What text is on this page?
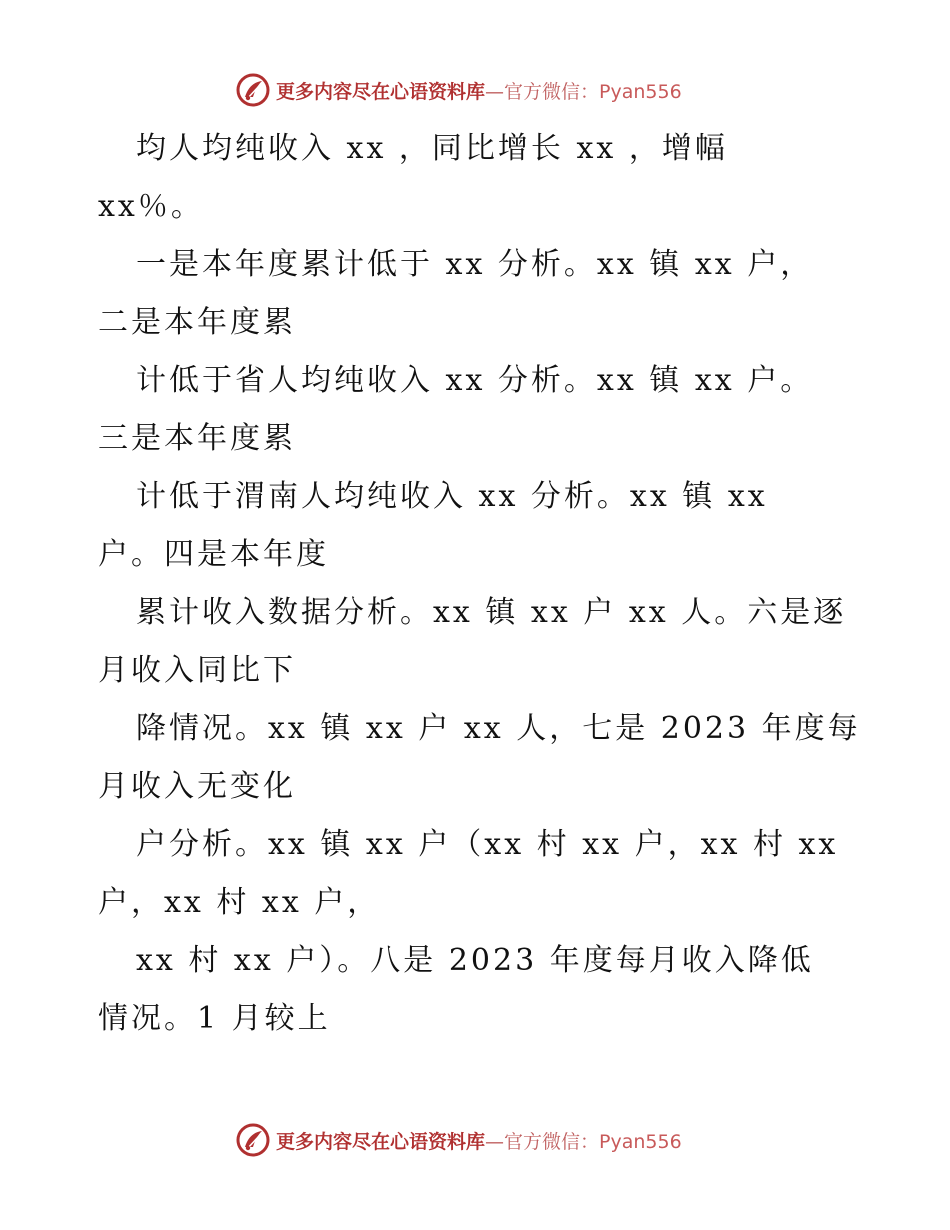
更多内容尽在心语资料库—官方微信：Pyan556
均人均纯收入 xx ，同比增长 xx ，增幅
xx％。
一是本年度累计低于 xx 分析。xx 镇 xx 户，
二是本年度累
计低于省人均纯收入 xx 分析。xx 镇 xx 户。
三是本年度累
计低于渭南人均纯收入 xx 分析。xx 镇 xx
户。四是本年度
累计收入数据分析。xx 镇 xx 户 xx 人。六是逐
月收入同比下
降情况。xx 镇 xx 户 xx 人，七是 2023 年度每
月收入无变化
户分析。xx 镇 xx 户（xx 村 xx 户，xx 村 xx
户，xx 村 xx 户，
xx 村 xx 户）。八是 2023 年度每月收入降低
情况。1 月较上
更多内容尽在心语资料库—官方微信：Pyan556
